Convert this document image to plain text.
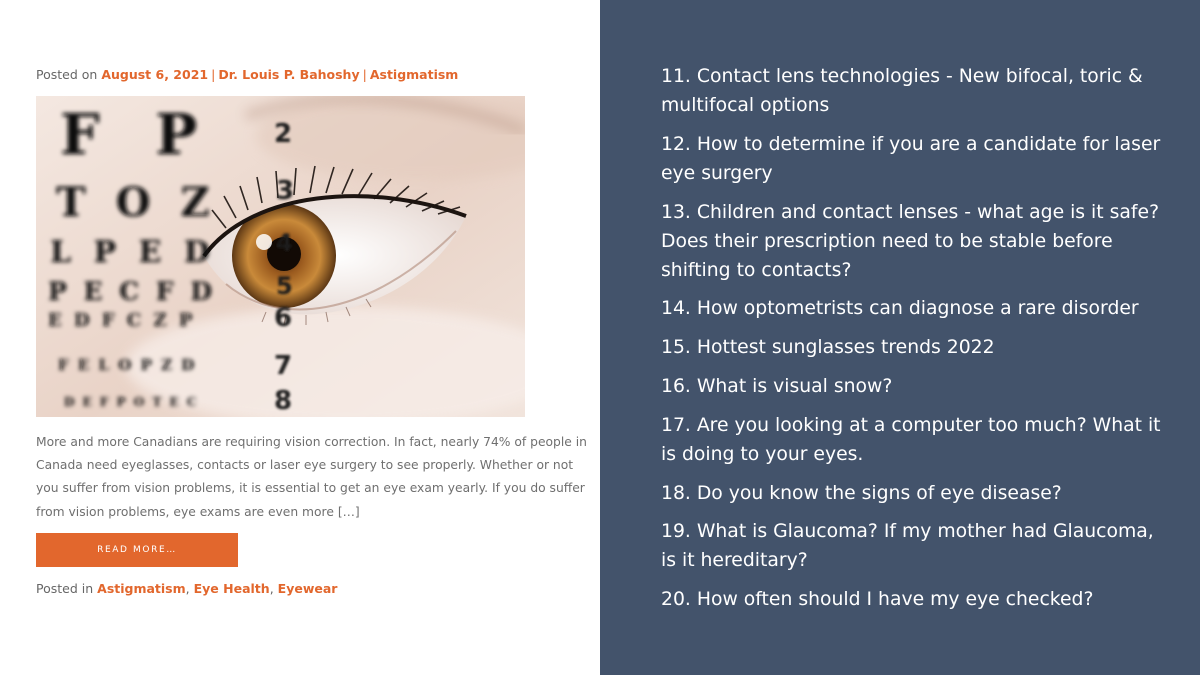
Posted on August 6, 2021 | Dr. Louis P. Bahoshy | Astigmatism
F P
T O Z
L P E D
P E C F D
E D F C Z P
F E L O P Z D
D E F P O T E C
2
3
4
5
6
7
8
More and more Canadians are requiring vision correction. In fact, nearly 74% of people in Canada need eyeglasses, contacts or laser eye surgery to see properly. Whether or not you suffer from vision problems, it is essential to get an eye exam yearly. If you do suffer from vision problems, eye exams are even more […]
READ MORE…
Posted in Astigmatism, Eye Health, Eyewear
11. Contact lens technologies - New bifocal, toric & multifocal options
12. How to determine if you are a candidate for laser eye surgery
13. Children and contact lenses - what age is it safe? Does their prescription need to be stable before shifting to contacts?
14. How optometrists can diagnose a rare disorder
15. Hottest sunglasses trends 2022
16. What is visual snow?
17. Are you looking at a computer too much? What it is doing to your eyes.
18. Do you know the signs of eye disease?
19. What is Glaucoma? If my mother had Glaucoma, is it hereditary?
20. How often should I have my eye checked?
